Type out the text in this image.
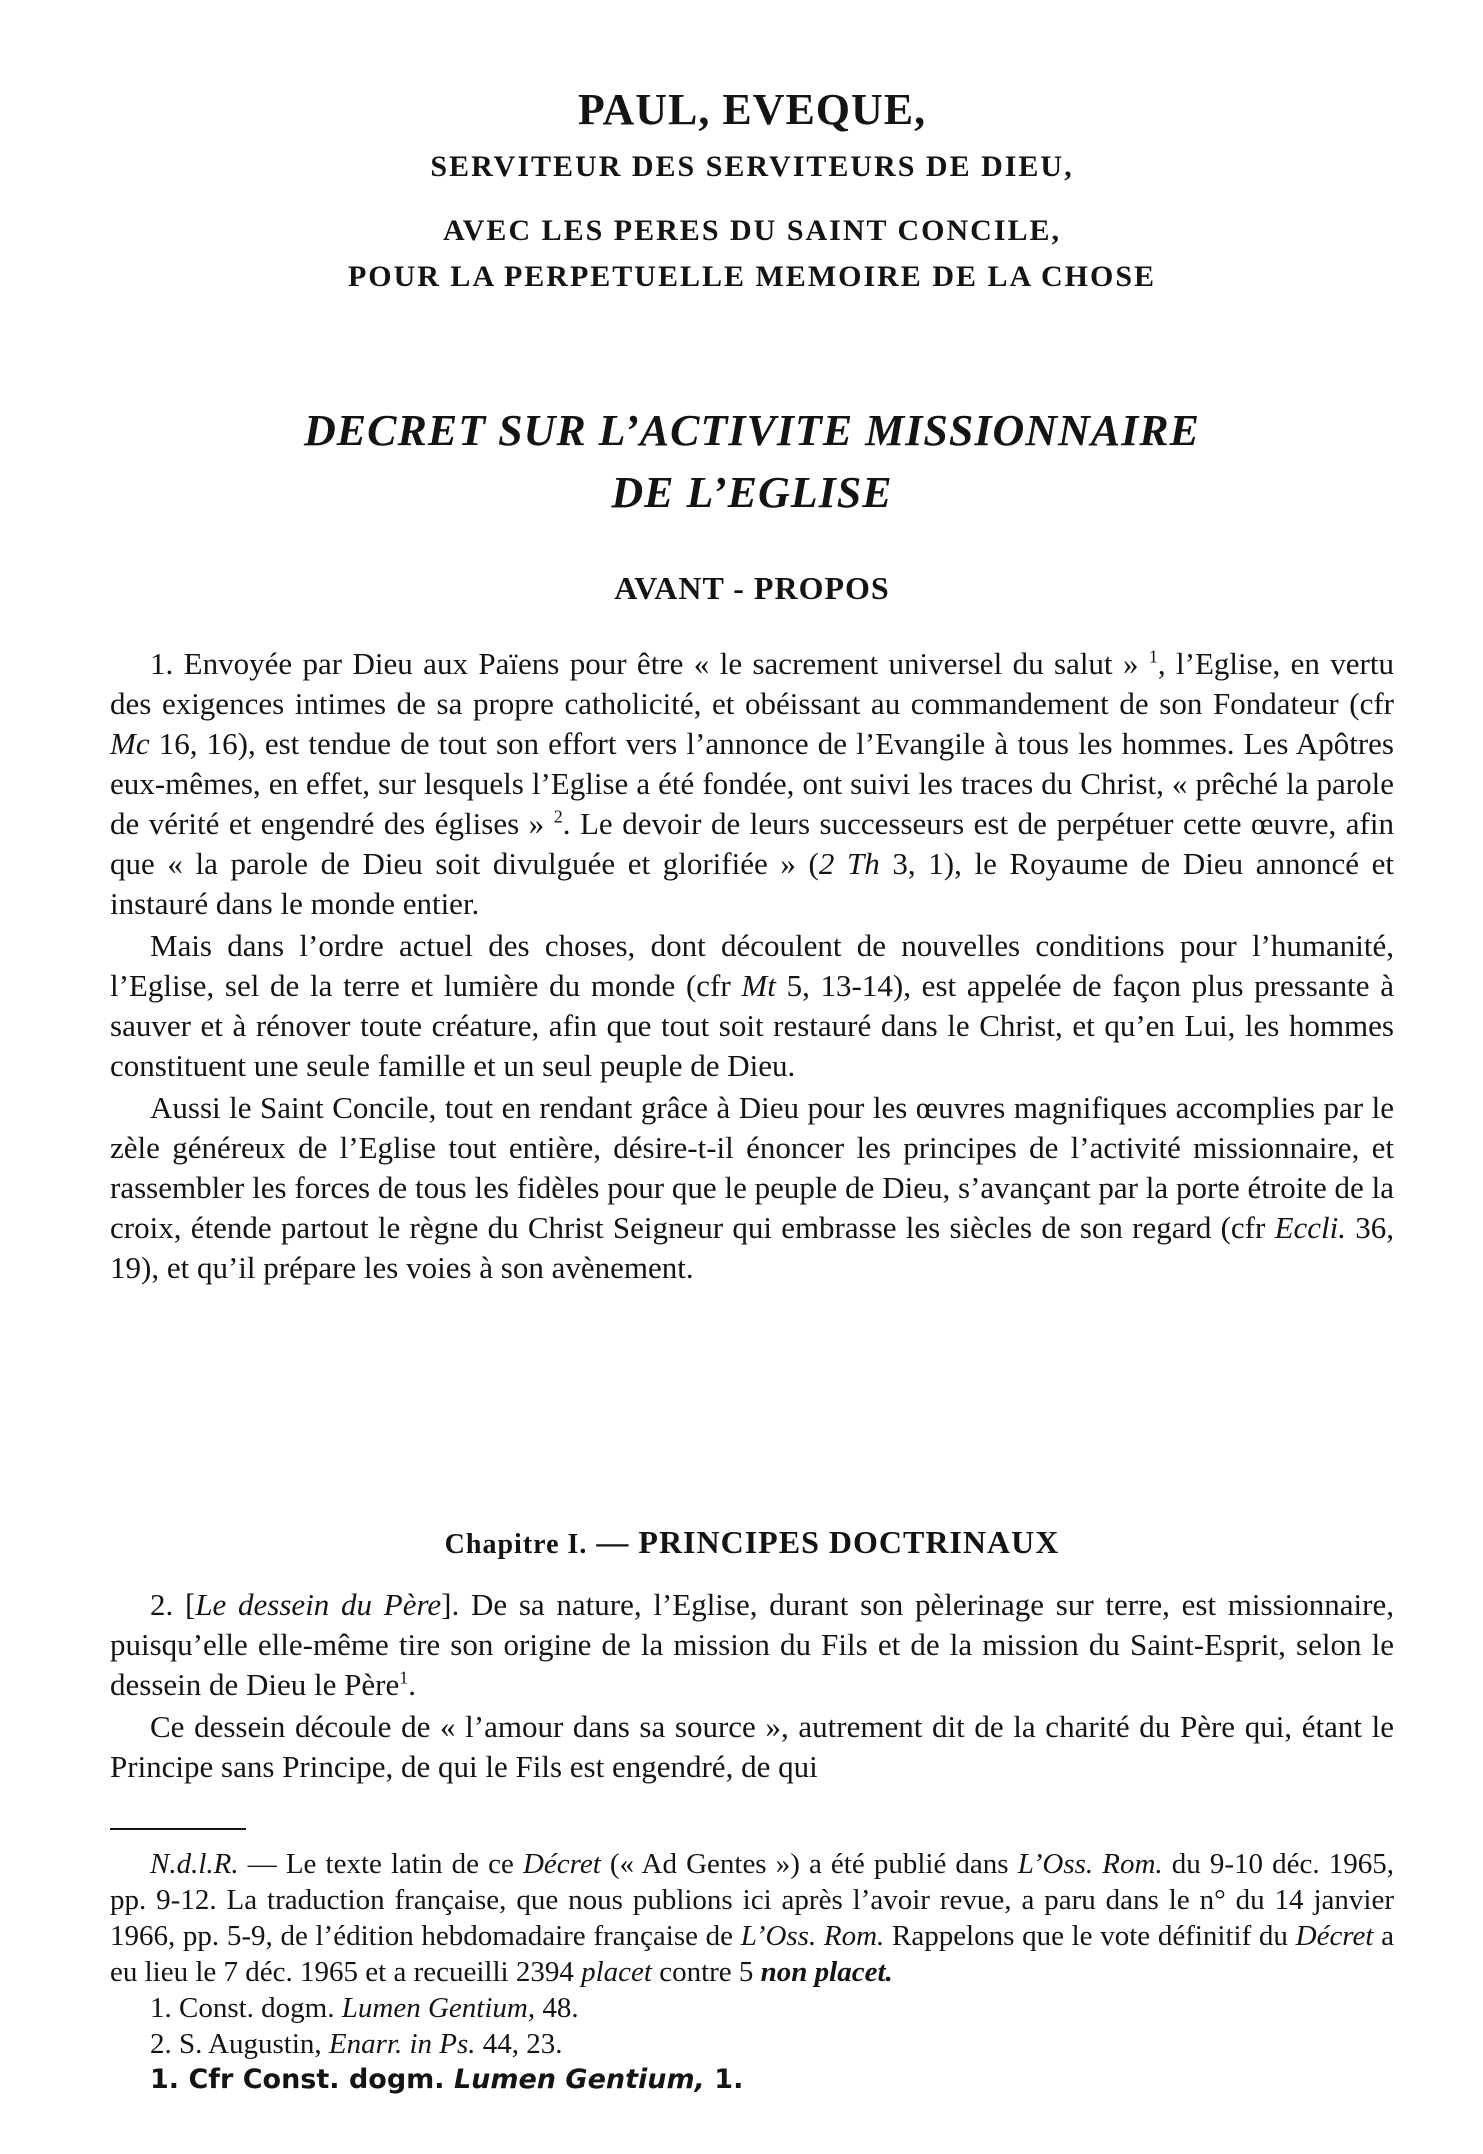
PAUL, EVEQUE,
SERVITEUR DES SERVITEURS DE DIEU,
AVEC LES PERES DU SAINT CONCILE,
POUR LA PERPETUELLE MEMOIRE DE LA CHOSE
DECRET SUR L’ACTIVITE MISSIONNAIRE
DE L’EGLISE
AVANT - PROPOS

1. Envoyée par Dieu aux Païens pour être « le sacrement universel du salut » $^1$, l’Eglise, en vertu des exigences intimes de sa propre catholicité, et obéissant au commandement de son Fondateur (cfr Mc 16, 16), est tendue de tout son effort vers l’annonce de l’Evangile à tous les hommes. Les Apôtres eux-mêmes, en effet, sur lesquels l’Eglise a été fondée, ont suivi les traces du Christ, « prêché la parole de vérité et engendré des églises » $^2$. Le devoir de leurs successeurs est de perpétuer cette œuvre, afin que « la parole de Dieu soit divulguée et glorifiée » (2 Th 3, 1), le Royaume de Dieu annoncé et instauré dans le monde entier.

Mais dans l’ordre actuel des choses, dont découlent de nouvelles conditions pour l’humanité, l’Eglise, sel de la terre et lumière du monde (cfr Mt 5, 13-14), est appelée de façon plus pressante à sauver et à rénover toute créature, afin que tout soit restauré dans le Christ, et qu’en Lui, les hommes constituent une seule famille et un seul peuple de Dieu.

Aussi le Saint Concile, tout en rendant grâce à Dieu pour les œuvres magnifiques accomplies par le zèle généreux de l’Eglise tout entière, désire-t-il énoncer les principes de l’activité missionnaire, et rassembler les forces de tous les fidèles pour que le peuple de Dieu, s’avançant par la porte étroite de la croix, étende partout le règne du Christ Seigneur qui embrasse les siècles de son regard (cfr Eccli. 36, 19), et qu’il prépare les voies à son avènement.

Chapitre I. — PRINCIPES DOCTRINAUX

2. [Le dessein du Père]. De sa nature, l’Eglise, durant son pèlerinage sur terre, est missionnaire, puisqu’elle elle-même tire son origine de la mission du Fils et de la mission du Saint-Esprit, selon le dessein de Dieu le Père$^1$.

Ce dessein découle de « l’amour dans sa source », autrement dit de la charité du Père qui, étant le Principe sans Principe, de qui le Fils est engendré, de qui

N.d.l.R. — Le texte latin de ce Décret (« Ad Gentes ») a été publié dans L’Oss. Rom. du 9-10 déc. 1965, pp. 9-12. La traduction française, que nous publions ici après l’avoir revue, a paru dans le n° du 14 janvier 1966, pp. 5-9, de l’édition hebdomadaire française de L’Oss. Rom. Rappelons que le vote définitif du Décret a eu lieu le 7 déc. 1965 et a recueilli 2394 placet contre 5 non placet.

1. Const. dogm. Lumen Gentium, 48.

2. S. Augustin, Enarr. in Ps. 44, 23.

1. Cfr Const. dogm. Lumen Gentium, 1.
